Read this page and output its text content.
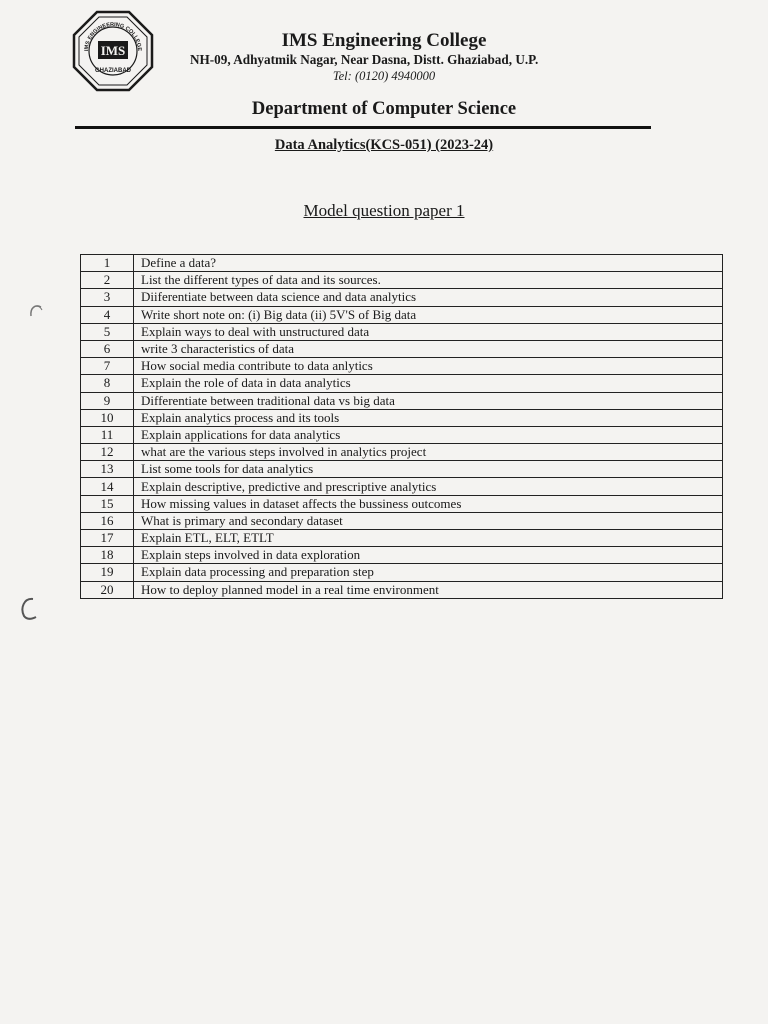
IMS
IMS ENGINEERING COLLEGE
GHAZIABAD
IMS Engineering College
NH-09, Adhyatmik Nagar, Near Dasna, Distt. Ghaziabad, U.P.
Tel: (0120) 4940000
Department of Computer Science
Data Analytics(KCS-051) (2023-24)
Model question paper 1
1	Define a data?
2	List the different types of data and its sources.
3	Diiferentiate between data science and data analytics
4	Write short note on: (i) Big data (ii) 5V'S of Big data
5	Explain ways to deal with unstructured data
6	write 3 characteristics of data
7	How social media contribute to data anlytics
8	Explain the role of data in data analytics
9	Differentiate between traditional data vs big data
10	Explain analytics process and its tools
11	Explain applications for data analytics
12	what are the various steps involved in analytics project
13	List some tools for data analytics
14	Explain descriptive, predictive and prescriptive analytics
15	How missing values in dataset affects the bussiness outcomes
16	What is primary and secondary dataset
17	Explain ETL, ELT, ETLT
18	Explain steps involved in data exploration
19	Explain data processing and preparation step
20	How to deploy planned model in a real time environment
